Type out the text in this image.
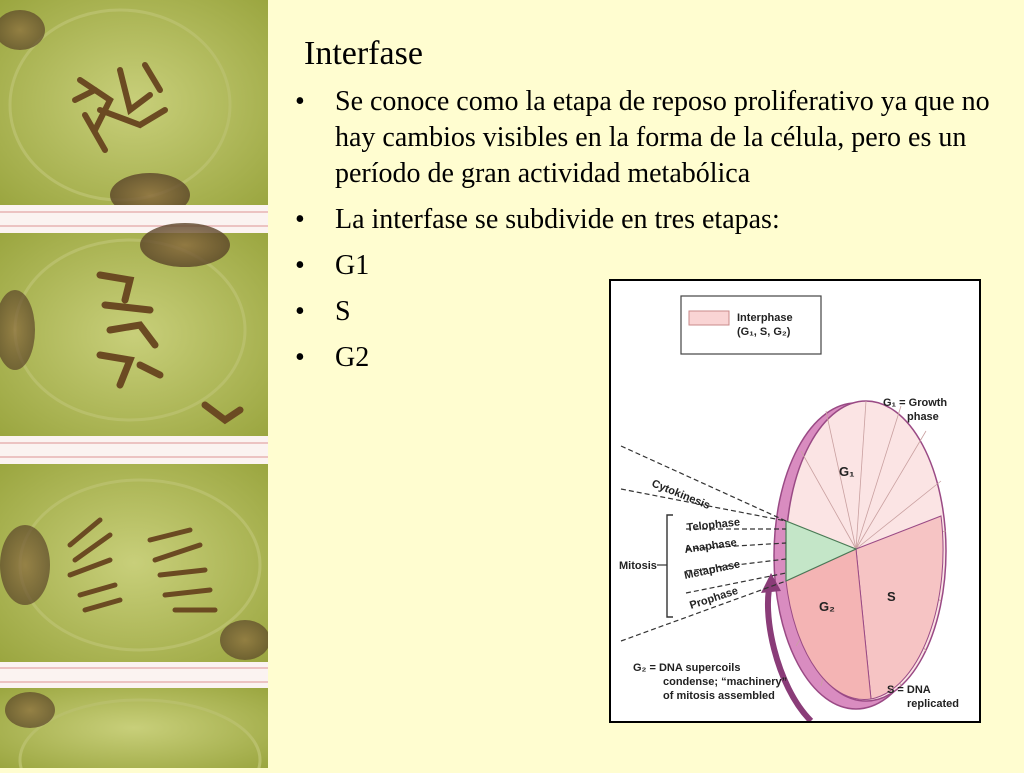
Interfase
• Se conoce como la etapa de reposo proliferativo ya que no hay cambios visibles en la forma de la célula, pero es un período de gran actividad metabólica
• La interfase se subdivide en tres etapas:
• G1
• S
• G2
Interphase
(G₁, S, G₂)
G₁
S
G₂
G₁ = Growth
phase
Cytokinesis
Mitosis
Telophase
Anaphase
Metaphase
Prophase
G₂ = DNA supercoils
condense; “machinery”
of mitosis assembled	S = DNA
replicated
